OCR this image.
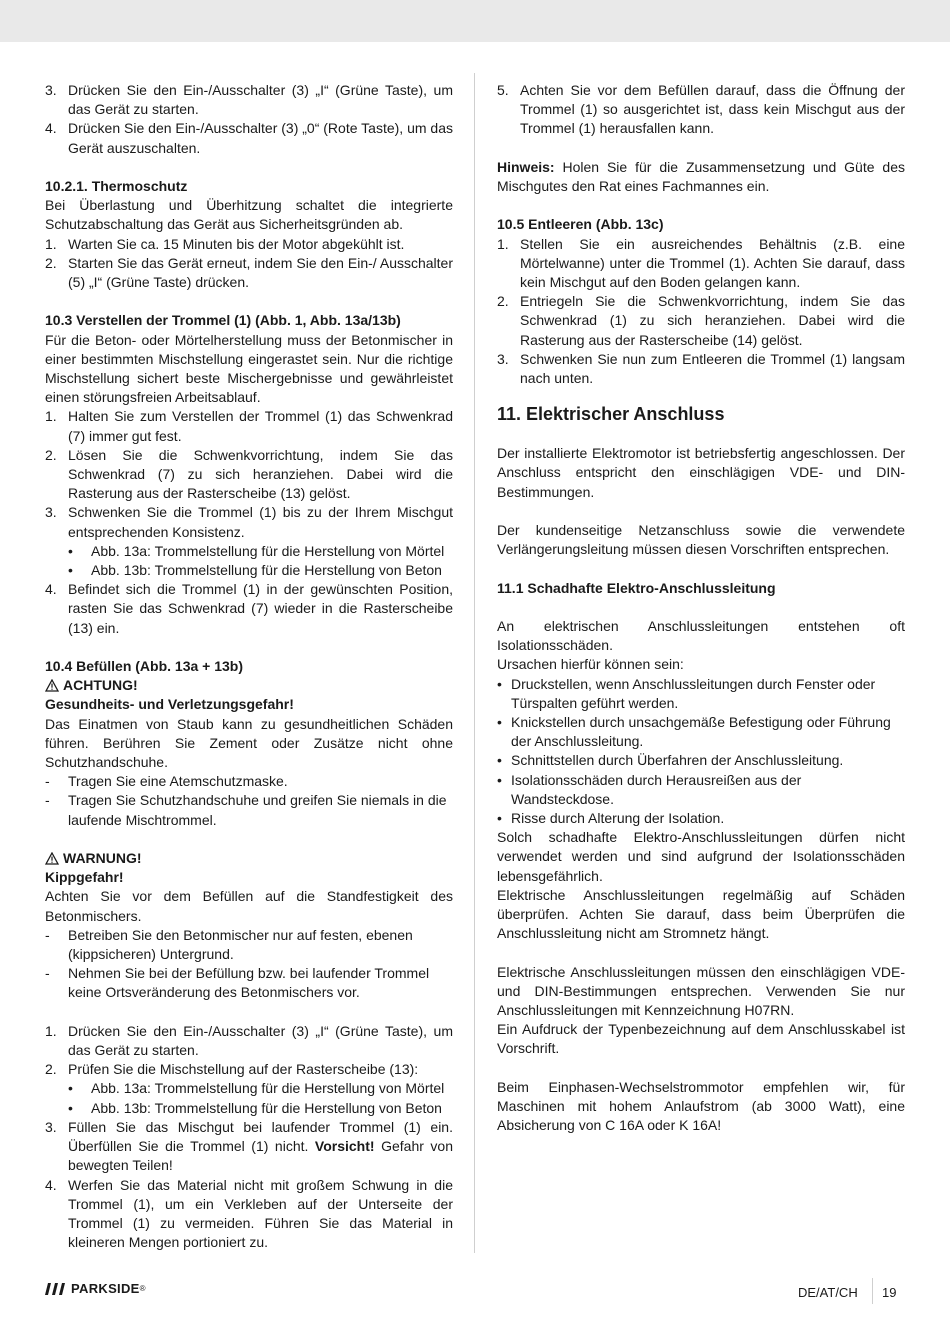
3. Drücken Sie den Ein-/Ausschalter (3) „I“ (Grüne Taste), um das Gerät zu starten.
4. Drücken Sie den Ein-/Ausschalter (3) „0“ (Rote Taste), um das Gerät auszuschalten.

10.2.1. Thermoschutz

Bei Überlastung und Überhitzung schaltet die integrierte Schutzabschaltung das Gerät aus Sicherheitsgründen ab.

1. Warten Sie ca. 15 Minuten bis der Motor abgekühlt ist.
2. Starten Sie das Gerät erneut, indem Sie den Ein-/ Ausschalter (5) „I“ (Grüne Taste) drücken.

10.3 Verstellen der Trommel (1) (Abb. 1, Abb. 13a/13b)

Für die Beton- oder Mörtelherstellung muss der Betonmischer in einer bestimmten Mischstellung eingerastet sein. Nur die richtige Mischstellung sichert beste Mischergebnisse und gewährleistet einen störungsfreien Arbeitsablauf.

1. Halten Sie zum Verstellen der Trommel (1) das Schwenkrad (7) immer gut fest.
2. Lösen Sie die Schwenkvorrichtung, indem Sie das Schwenkrad (7) zu sich heranziehen. Dabei wird die Rasterung aus der Rasterscheibe (13) gelöst.
3. Schwenken Sie die Trommel (1) bis zu der Ihrem Mischgut entsprechenden Konsistenz.
•	Abb. 13a: Trommelstellung für die Herstellung von Mörtel
•	Abb. 13b: Trommelstellung für die Herstellung von Beton
4. Befindet sich die Trommel (1) in der gewünschten Position, rasten Sie das Schwenkrad (7) wieder in die Rasterscheibe (13) ein.

10.4 Befüllen (Abb. 13a + 13b)

ACHTUNG!

Gesundheits- und Verletzungsgefahr!

Das Einatmen von Staub kann zu gesundheitlichen Schäden führen. Berühren Sie Zement oder Zusätze nicht ohne Schutzhandschuhe.

-	Tragen Sie eine Atemschutzmaske.
-	Tragen Sie Schutzhandschuhe und greifen Sie niemals in die laufende Mischtrommel.

WARNUNG!

Kippgefahr!

Achten Sie vor dem Befüllen auf die Standfestigkeit des Betonmischers.

-	Betreiben Sie den Betonmischer nur auf festen, ebenen (kippsicheren) Untergrund.
-	Nehmen Sie bei der Befüllung bzw. bei laufender Trommel keine Ortsveränderung des Betonmischers vor.
1. Drücken Sie den Ein-/Ausschalter (3) „I“ (Grüne Taste), um das Gerät zu starten.
2. Prüfen Sie die Mischstellung auf der Rasterscheibe (13):
•	Abb. 13a: Trommelstellung für die Herstellung von Mörtel
•	Abb. 13b: Trommelstellung für die Herstellung von Beton
3. Füllen Sie das Mischgut bei laufender Trommel (1) ein. Überfüllen Sie die Trommel (1) nicht. Vorsicht! Gefahr von bewegten Teilen!
4. Werfen Sie das Material nicht mit großem Schwung in die Trommel (1), um ein Verkleben auf der Unterseite der Trommel (1) zu vermeiden. Führen Sie das Material in kleineren Mengen portioniert zu.
5. Achten Sie vor dem Befüllen darauf, dass die Öffnung der Trommel (1) so ausgerichtet ist, dass kein Mischgut aus der Trommel (1) herausfallen kann.

Hinweis: Holen Sie für die Zusammensetzung und Güte des Mischgutes den Rat eines Fachmannes ein.

10.5 Entleeren (Abb. 13c)

1. Stellen Sie ein ausreichendes Behältnis (z.B. eine Mörtelwanne) unter die Trommel (1). Achten Sie darauf, dass kein Mischgut auf den Boden gelangen kann.
2. Entriegeln Sie die Schwenkvorrichtung, indem Sie das Schwenkrad (1) zu sich heranziehen. Dabei wird die Rasterung aus der Rasterscheibe (14) gelöst.
3. Schwenken Sie nun zum Entleeren die Trommel (1) langsam nach unten.

11. Elektrischer Anschluss

Der installierte Elektromotor ist betriebsfertig angeschlossen. Der Anschluss entspricht den einschlägigen VDE- und DIN-Bestimmungen.

Der kundenseitige Netzanschluss sowie die verwendete Verlängerungsleitung müssen diesen Vorschriften entsprechen.

11.1 Schadhafte Elektro-Anschlussleitung

An elektrischen Anschlussleitungen entstehen oft Isolationsschäden.

Ursachen hierfür können sein:

• Druckstellen, wenn Anschlussleitungen durch Fenster oder Türspalten geführt werden.
• Knickstellen durch unsachgemäße Befestigung oder Führung der Anschlussleitung.
• Schnittstellen durch Überfahren der Anschlussleitung.
• Isolationsschäden durch Herausreißen aus der Wandsteckdose.
• Risse durch Alterung der Isolation.

Solch schadhafte Elektro-Anschlussleitungen dürfen nicht verwendet werden und sind aufgrund der Isolationsschäden lebensgefährlich.

Elektrische Anschlussleitungen regelmäßig auf Schäden überprüfen. Achten Sie darauf, dass beim Überprüfen die Anschlussleitung nicht am Stromnetz hängt.

Elektrische Anschlussleitungen müssen den einschlägigen VDE- und DIN-Bestimmungen entsprechen. Verwenden Sie nur Anschlussleitungen mit Kennzeichnung H07RN.

Ein Aufdruck der Typenbezeichnung auf dem Anschlusskabel ist Vorschrift.

Beim Einphasen-Wechselstrommotor empfehlen wir, für Maschinen mit hohem Anlaufstrom (ab 3000 Watt), eine Absicherung von C 16A oder K 16A!

PARKSIDE ®	DE/AT/CH 19
